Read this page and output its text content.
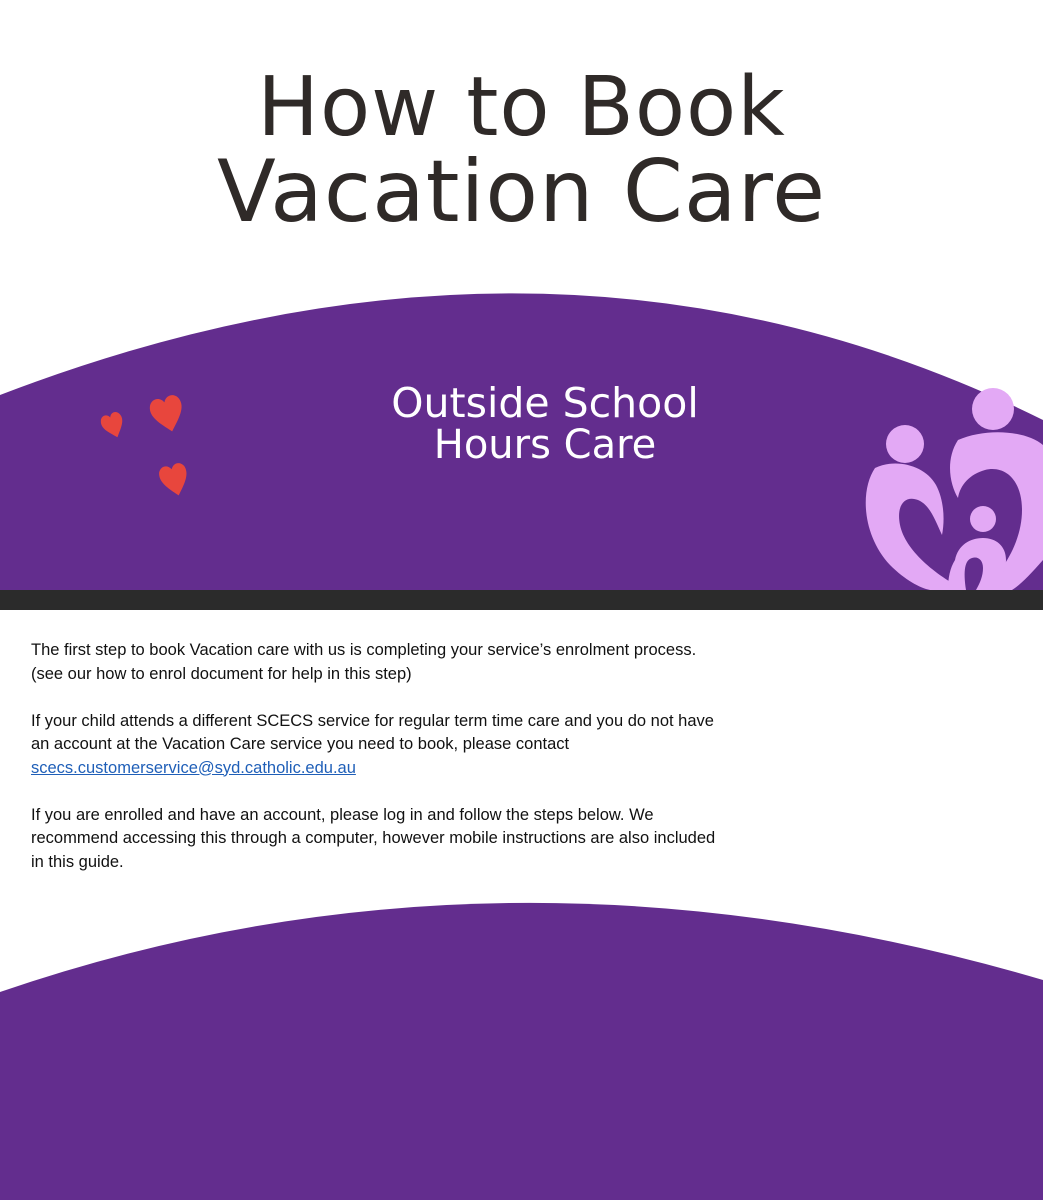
How to Book
Vacation Care
Outside School
Hours Care

The first step to book Vacation care with us is completing your service’s enrolment process.
(see our how to enrol document for help in this step)

If your child attends a different SCECS service for regular term time care and you do not have an account at the Vacation Care service you need to book, please contact
scecs.customerservice@syd.catholic.edu.au

If you are enrolled and have an account, please log in and follow the steps below. We recommend accessing this through a computer, however mobile instructions are also included in this guide.
